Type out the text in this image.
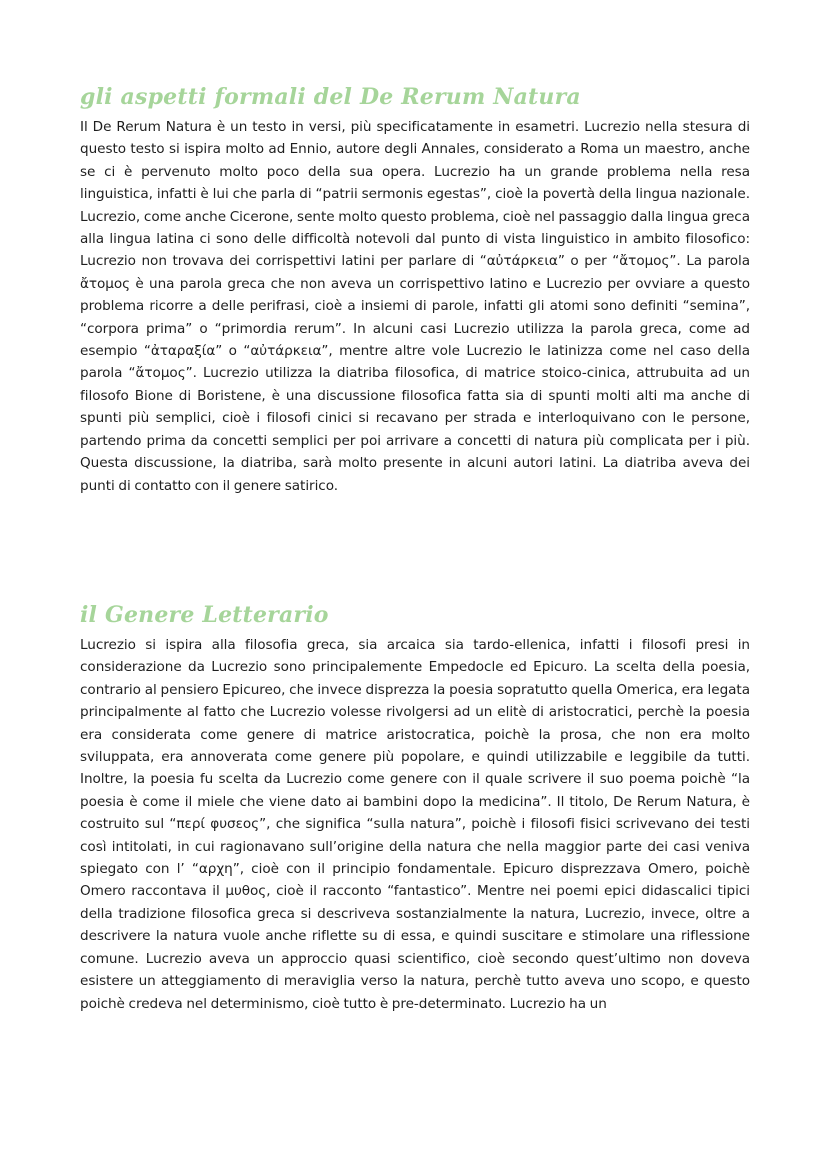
gli aspetti formali del De Rerum Natura

Il De Rerum Natura è un testo in versi, più specificatamente in esametri. Lucrezio nella stesura di questo testo si ispira molto ad Ennio, autore degli Annales, considerato a Roma un maestro, anche se ci è pervenuto molto poco della sua opera. Lucrezio ha un grande problema nella resa linguistica, infatti è lui che parla di “patrii sermonis egestas”, cioè la povertà della lingua nazionale. Lucrezio, come anche Cicerone, sente molto questo problema, cioè nel passaggio dalla lingua greca alla lingua latina ci sono delle difficoltà notevoli dal punto di vista linguistico in ambito filosofico: Lucrezio non trovava dei corrispettivi latini per parlare di “αὐτάρκεια” o per “ἄτομος”. La parola ἄτομος è una parola greca che non aveva un corrispettivo latino e Lucrezio per ovviare a questo problema ricorre a delle perifrasi, cioè a insiemi di parole, infatti gli atomi sono definiti “semina”, “corpora prima” o “primordia rerum”. In alcuni casi Lucrezio utilizza la parola greca, come ad esempio “ἀταραξία” o “αὐτάρκεια”, mentre altre vole Lucrezio le latinizza come nel caso della parola “ἄτομος”. Lucrezio utilizza la diatriba filosofica, di matrice stoico-cinica, attrubuita ad un filosofo Bione di Boristene, è una discussione filosofica fatta sia di spunti molti alti ma anche di spunti più semplici, cioè i filosofi cinici si recavano per strada e interloquivano con le persone, partendo prima da concetti semplici per poi arrivare a concetti di natura più complicata per i più. Questa discussione, la diatriba, sarà molto presente in alcuni autori latini. La diatriba aveva dei punti di contatto con il genere satirico.

il Genere Letterario

Lucrezio si ispira alla filosofia greca, sia arcaica sia tardo-ellenica, infatti i filosofi presi in considerazione da Lucrezio sono principalemente Empedocle ed Epicuro. La scelta della poesia, contrario al pensiero Epicureo, che invece disprezza la poesia sopratutto quella Omerica, era legata principalmente al fatto che Lucrezio volesse rivolgersi ad un elitè di aristocratici, perchè la poesia era considerata come genere di matrice aristocratica, poichè la prosa, che non era molto sviluppata, era annoverata come genere più popolare, e quindi utilizzabile e leggibile da tutti. Inoltre, la poesia fu scelta da Lucrezio come genere con il quale scrivere il suo poema poichè “la poesia è come il miele che viene dato ai bambini dopo la medicina”. Il titolo, De Rerum Natura, è costruito sul “περί φυσεος”, che significa “sulla natura”, poichè i filosofi fisici scrivevano dei testi così intitolati, in cui ragionavano sull’origine della natura che nella maggior parte dei casi veniva spiegato con l’ “αρχη”, cioè con il principio fondamentale. Epicuro disprezzava Omero, poichè Omero raccontava il μυθος, cioè il racconto “fantastico”. Mentre nei poemi epici didascalici tipici della tradizione filosofica greca si descriveva sostanzialmente la natura, Lucrezio, invece, oltre a descrivere la natura vuole anche riflette su di essa, e quindi suscitare e stimolare una riflessione comune. Lucrezio aveva un approccio quasi scientifico, cioè secondo quest’ultimo non doveva esistere un atteggiamento di meraviglia verso la natura, perchè tutto aveva uno scopo, e questo poichè credeva nel determinismo, cioè tutto è pre-determinato. Lucrezio ha un
